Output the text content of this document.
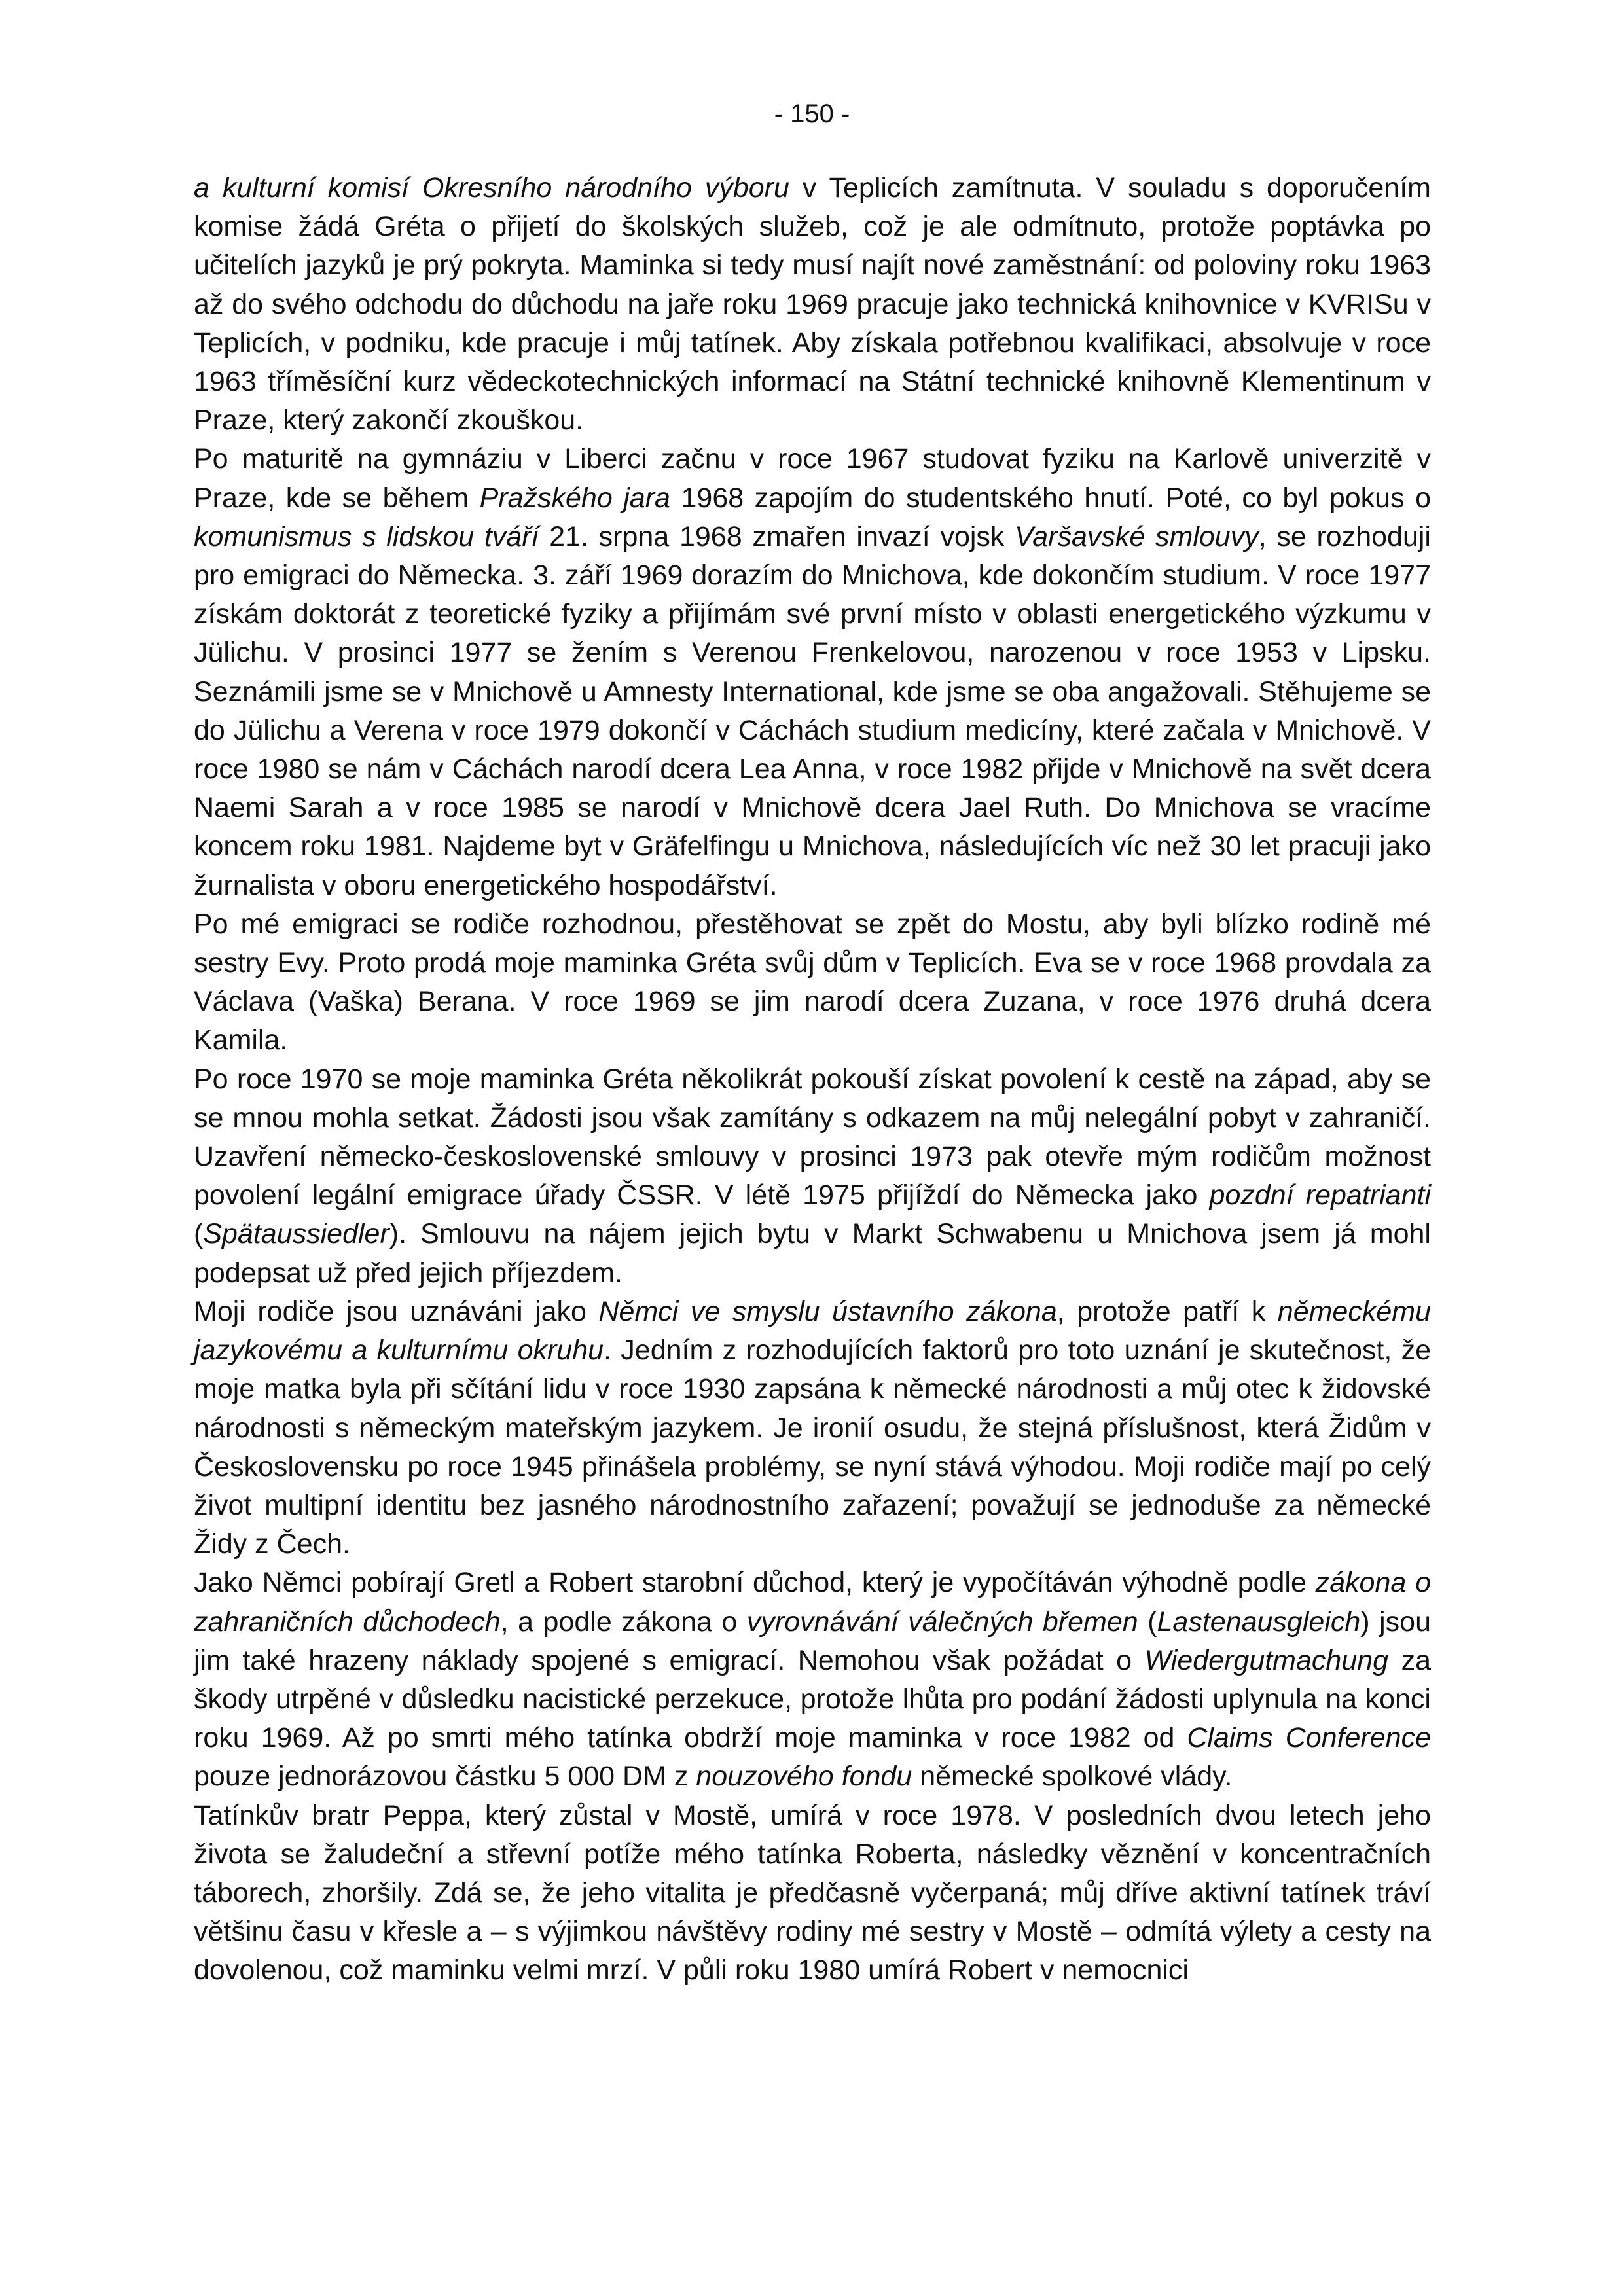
- 150 -

a kulturní komisí Okresního národního výboru v Teplicích zamítnuta. V souladu s doporučením komise žádá Gréta o přijetí do školských služeb, což je ale odmítnuto, protože poptávka po učitelích jazyků je prý pokryta. Maminka si tedy musí najít nové zaměstnání: od poloviny roku 1963 až do svého odchodu do důchodu na jaře roku 1969 pracuje jako technická knihovnice v KVRISu v Teplicích, v podniku, kde pracuje i můj tatínek. Aby získala potřebnou kvalifikaci, absolvuje v roce 1963 tříměsíční kurz vědeckotechnických informací na Státní technické knihovně Klementinum v Praze, který zakončí zkouškou.

Po maturitě na gymnáziu v Liberci začnu v roce 1967 studovat fyziku na Karlově univerzitě v Praze, kde se během Pražského jara 1968 zapojím do studentského hnutí. Poté, co byl pokus o komunismus s lidskou tváří 21. srpna 1968 zmařen invazí vojsk Varšavské smlouvy, se rozhoduji pro emigraci do Německa. 3. září 1969 dorazím do Mnichova, kde dokončím studium. V roce 1977 získám doktorát z teoretické fyziky a přijímám své první místo v oblasti energetického výzkumu v Jülichu. V prosinci 1977 se žením s Verenou Frenkelovou, narozenou v roce 1953 v Lipsku. Seznámili jsme se v Mnichově u Amnesty International, kde jsme se oba angažovali. Stěhujeme se do Jülichu a Verena v roce 1979 dokončí v Cáchách studium medicíny, které začala v Mnichově. V roce 1980 se nám v Cáchách narodí dcera Lea Anna, v roce 1982 přijde v Mnichově na svět dcera Naemi Sarah a v roce 1985 se narodí v Mnichově dcera Jael Ruth. Do Mnichova se vracíme koncem roku 1981. Najdeme byt v Gräfelfingu u Mnichova, následujících víc než 30 let pracuji jako žurnalista v oboru energetického hospodářství.

Po mé emigraci se rodiče rozhodnou, přestěhovat se zpět do Mostu, aby byli blízko rodině mé sestry Evy. Proto prodá moje maminka Gréta svůj dům v Teplicích. Eva se v roce 1968 provdala za Václava (Vaška) Berana. V roce 1969 se jim narodí dcera Zuzana, v roce 1976 druhá dcera Kamila.

Po roce 1970 se moje maminka Gréta několikrát pokouší získat povolení k cestě na západ, aby se se mnou mohla setkat. Žádosti jsou však zamítány s odkazem na můj nelegální pobyt v zahraničí. Uzavření německo-československé smlouvy v prosinci 1973 pak otevře mým rodičům možnost povolení legální emigrace úřady ČSSR. V létě 1975 přijíždí do Německa jako pozdní repatrianti (Spätaussiedler). Smlouvu na nájem jejich bytu v Markt Schwabenu u Mnichova jsem já mohl podepsat už před jejich příjezdem.

Moji rodiče jsou uznáváni jako Němci ve smyslu ústavního zákona, protože patří k německému jazykovému a kulturnímu okruhu. Jedním z rozhodujících faktorů pro toto uznání je skutečnost, že moje matka byla při sčítání lidu v roce 1930 zapsána k německé národnosti a můj otec k židovské národnosti s německým mateřským jazykem. Je ironií osudu, že stejná příslušnost, která Židům v Československu po roce 1945 přinášela problémy, se nyní stává výhodou. Moji rodiče mají po celý život multipní identitu bez jasného národnostního zařazení; považují se jednoduše za německé Židy z Čech.

Jako Němci pobírají Gretl a Robert starobní důchod, který je vypočítáván výhodně podle zákona o zahraničních důchodech, a podle zákona o vyrovnávání válečných břemen (Lastenausgleich) jsou jim také hrazeny náklady spojené s emigrací. Nemohou však požádat o Wiedergutmachung za škody utrpěné v důsledku nacistické perzekuce, protože lhůta pro podání žádosti uplynula na konci roku 1969. Až po smrti mého tatínka obdrží moje maminka v roce 1982 od Claims Conference pouze jednorázovou částku 5 000 DM z nouzového fondu německé spolkové vlády.

Tatínkův bratr Peppa, který zůstal v Mostě, umírá v roce 1978. V posledních dvou letech jeho života se žaludeční a střevní potíže mého tatínka Roberta, následky věznění v koncentračních táborech, zhoršily. Zdá se, že jeho vitalita je předčasně vyčerpaná; můj dříve aktivní tatínek tráví většinu času v křesle a – s výjimkou návštěvy rodiny mé sestry v Mostě – odmítá výlety a cesty na dovolenou, což maminku velmi mrzí. V půli roku 1980 umírá Robert v nemocnici
